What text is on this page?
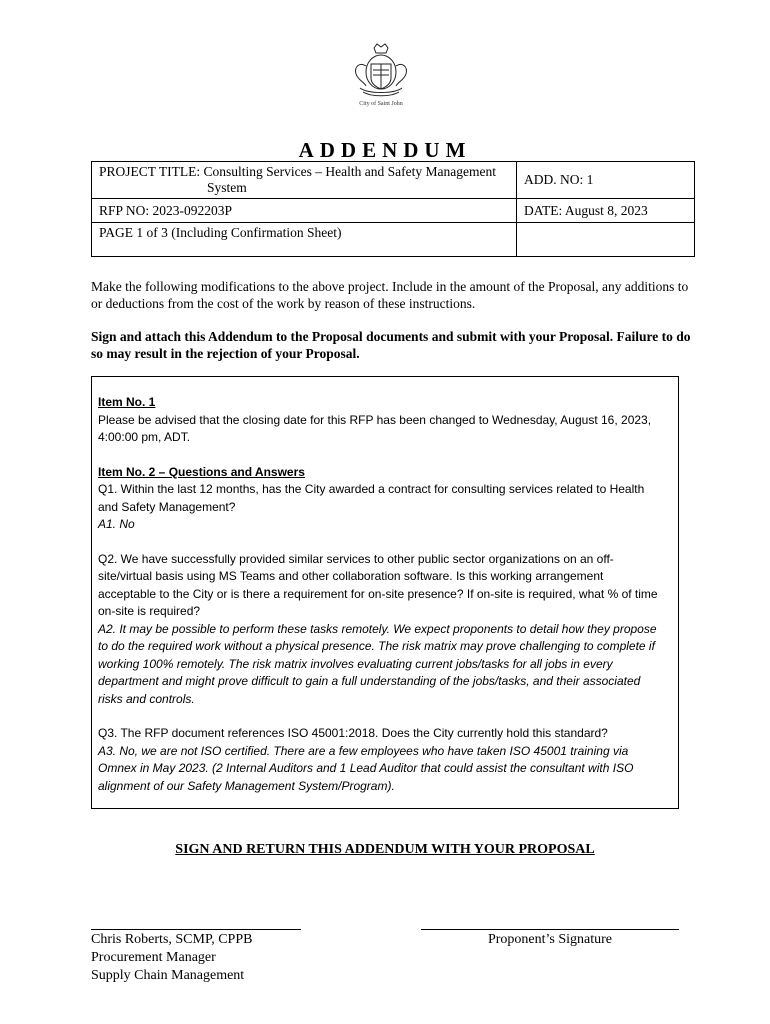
City of Saint John
ADDENDUM
PROJECT TITLE: Consulting Services – Health and Safety Management
System	ADD. NO: 1
RFP NO: 2023-092203P	DATE: August 8, 2023
PAGE 1 of 3 (Including Confirmation Sheet)	
Make the following modifications to the above project. Include in the amount of the Proposal, any additions to or deductions from the cost of the work by reason of these instructions.
Sign and attach this Addendum to the Proposal documents and submit with your Proposal. Failure to do so may result in the rejection of your Proposal.

Item No. 1
Please be advised that the closing date for this RFP has been changed to Wednesday, August 16, 2023, 4:00:00 pm, ADT.

Item No. 2 – Questions and Answers
Q1. Within the last 12 months, has the City awarded a contract for consulting services related to Health and Safety Management?
A1. No

Q2. We have successfully provided similar services to other public sector organizations on an off-site/virtual basis using MS Teams and other collaboration software. Is this working arrangement acceptable to the City or is there a requirement for on-site presence? If on-site is required, what % of time on-site is required?
A2. It may be possible to perform these tasks remotely. We expect proponents to detail how they propose to do the required work without a physical presence. The risk matrix may prove challenging to complete if working 100% remotely. The risk matrix involves evaluating current jobs/tasks for all jobs in every department and might prove difficult to gain a full understanding of the jobs/tasks, and their associated risks and controls.

Q3. The RFP document references ISO 45001:2018. Does the City currently hold this standard?
A3. No, we are not ISO certified. There are a few employees who have taken ISO 45001 training via Omnex in May 2023. (2 Internal Auditors and 1 Lead Auditor that could assist the consultant with ISO alignment of our Safety Management System/Program).

SIGN AND RETURN THIS ADDENDUM WITH YOUR PROPOSAL
Chris Roberts, SCMP, CPPB
Procurement Manager
Supply Chain Management
Proponent’s Signature
